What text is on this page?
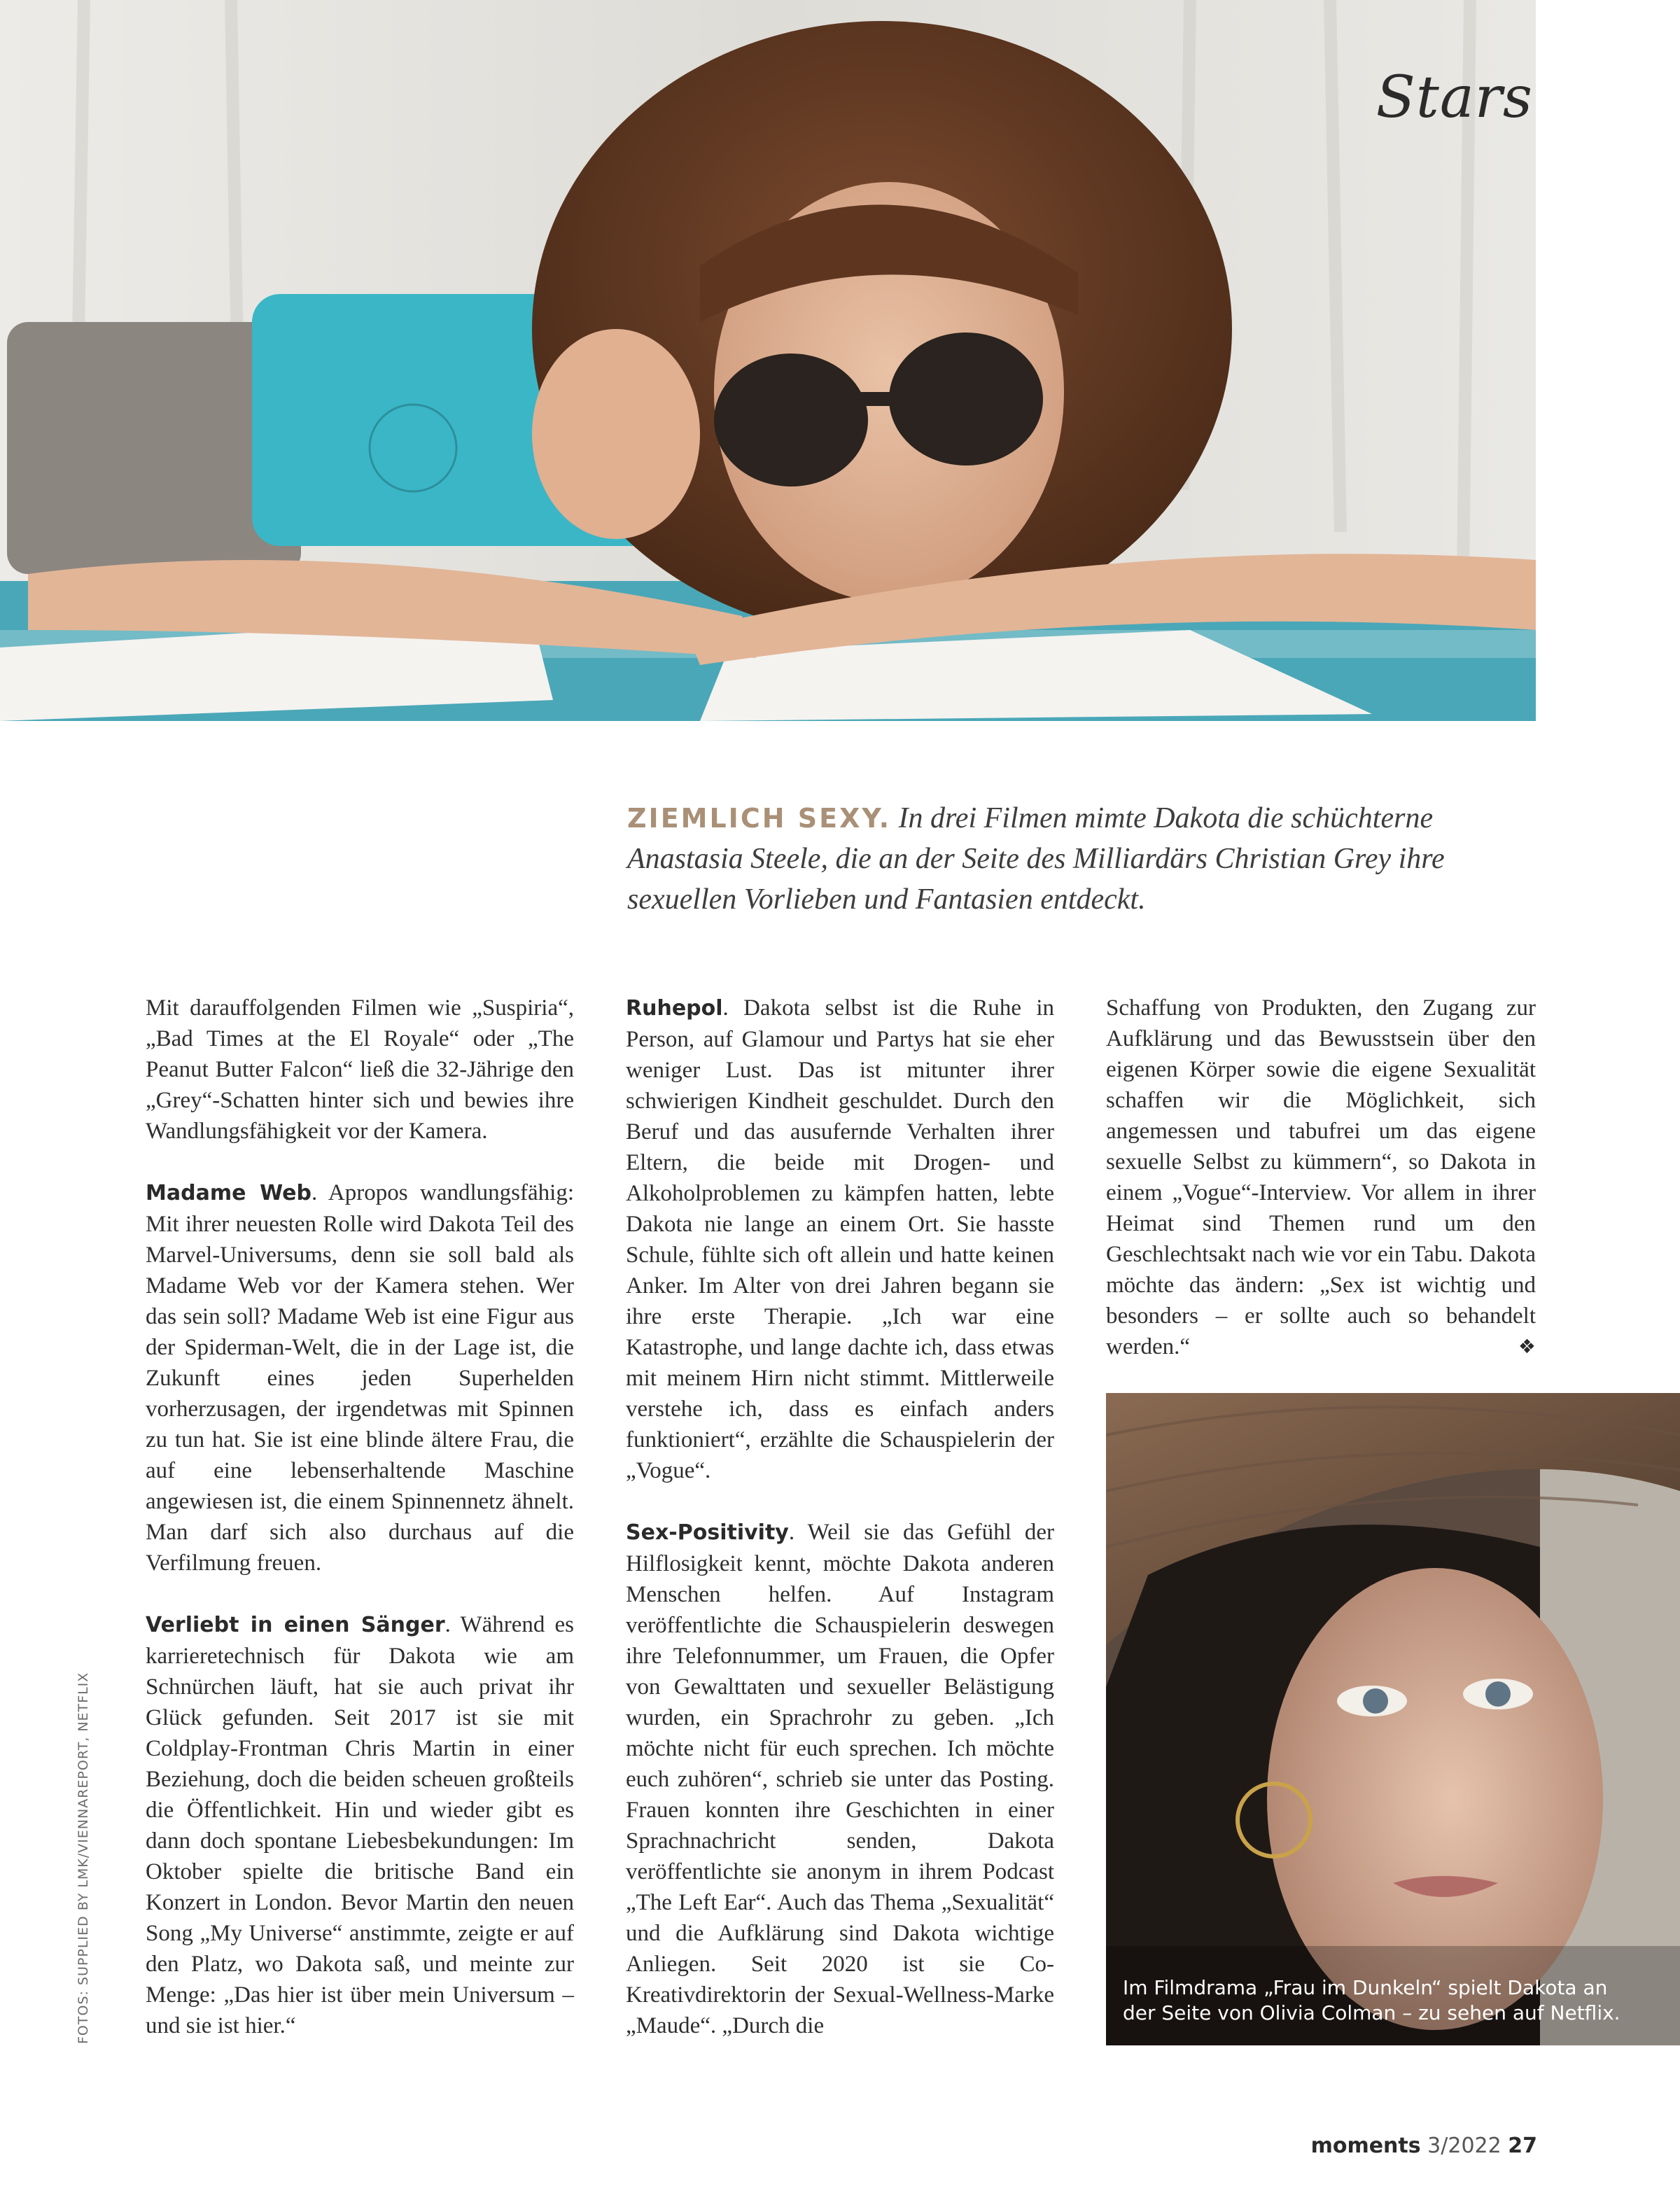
Stars
ZIEMLICH SEXY. In drei Filmen mimte Dakota die schüchterne Anastasia Steele, die an der Seite des Milliardärs Christian Grey ihre sexuellen Vorlieben und Fantasien entdeckt.

Mit darauffolgenden Filmen wie „Suspiria“, „Bad Times at the El Royale“ oder „The Peanut Butter Falcon“ ließ die 32-Jährige den „Grey“-Schatten hinter sich und bewies ihre Wandlungsfähigkeit vor der Kamera.

Madame Web. Apropos wandlungsfähig: Mit ihrer neuesten Rolle wird Dakota Teil des Marvel-Universums, denn sie soll bald als Madame Web vor der Kamera stehen. Wer das sein soll? Madame Web ist eine Figur aus der Spiderman-Welt, die in der Lage ist, die Zukunft eines jeden Superhelden vorherzusagen, der irgendetwas mit Spinnen zu tun hat. Sie ist eine blinde ältere Frau, die auf eine lebenserhaltende Maschine angewiesen ist, die einem Spinnennetz ähnelt. Man darf sich also durchaus auf die Verfilmung freuen.

Verliebt in einen Sänger. Während es karrieretechnisch für Dakota wie am Schnürchen läuft, hat sie auch privat ihr Glück gefunden. Seit 2017 ist sie mit Coldplay-Frontman Chris Martin in einer Beziehung, doch die beiden scheuen großteils die Öffentlichkeit. Hin und wieder gibt es dann doch spontane Liebesbekundungen: Im Oktober spielte die britische Band ein Konzert in London. Bevor Martin den neuen Song „My Universe“ anstimmte, zeigte er auf den Platz, wo Dakota saß, und meinte zur Menge: „Das hier ist über mein Universum – und sie ist hier.“

Ruhepol. Dakota selbst ist die Ruhe in Person, auf Glamour und Partys hat sie eher weniger Lust. Das ist mitunter ihrer schwierigen Kindheit geschuldet. Durch den Beruf und das ausufernde Verhalten ihrer Eltern, die beide mit Drogen- und Alkoholproblemen zu kämpfen hatten, lebte Dakota nie lange an einem Ort. Sie hasste Schule, fühlte sich oft allein und hatte keinen Anker. Im Alter von drei Jahren begann sie ihre erste Therapie. „Ich war eine Katastrophe, und lange dachte ich, dass etwas mit meinem Hirn nicht stimmt. Mittlerweile verstehe ich, dass es einfach anders funktioniert“, erzählte die Schauspielerin der „Vogue“.

Sex-Positivity. Weil sie das Gefühl der Hilflosigkeit kennt, möchte Dakota anderen Menschen helfen. Auf Instagram veröffentlichte die Schauspielerin deswegen ihre Telefonnummer, um Frauen, die Opfer von Gewalttaten und sexueller Belästigung wurden, ein Sprachrohr zu geben. „Ich möchte nicht für euch sprechen. Ich möchte euch zuhören“, schrieb sie unter das Posting. Frauen konnten ihre Geschichten in einer Sprachnachricht senden, Dakota veröffentlichte sie anonym in ihrem Podcast „The Left Ear“. Auch das Thema „Sexualität“ und die Aufklärung sind Dakota wichtige Anliegen. Seit 2020 ist sie Co-Kreativdirektorin der Sexual-Wellness-Marke „Maude“. „Durch die

Schaffung von Produkten, den Zugang zur Aufklärung und das Bewusstsein über den eigenen Körper sowie die eigene Sexualität schaffen wir die Möglichkeit, sich angemessen und tabufrei um das eigene sexuelle Selbst zu kümmern“, so Dakota in einem „Vogue“-Interview. Vor allem in ihrer Heimat sind Themen rund um den Geschlechtsakt nach wie vor ein Tabu. Dakota möchte das ändern: „Sex ist wichtig und besonders – er sollte auch so behandelt werden.“	❖

Im Filmdrama „Frau im Dunkeln“ spielt Dakota an der Seite von Olivia Colman – zu sehen auf Netflix.
FOTOS: SUPPLIED BY LMK/VIENNAREPORT, NETFLIX
moments 3/2022 27
